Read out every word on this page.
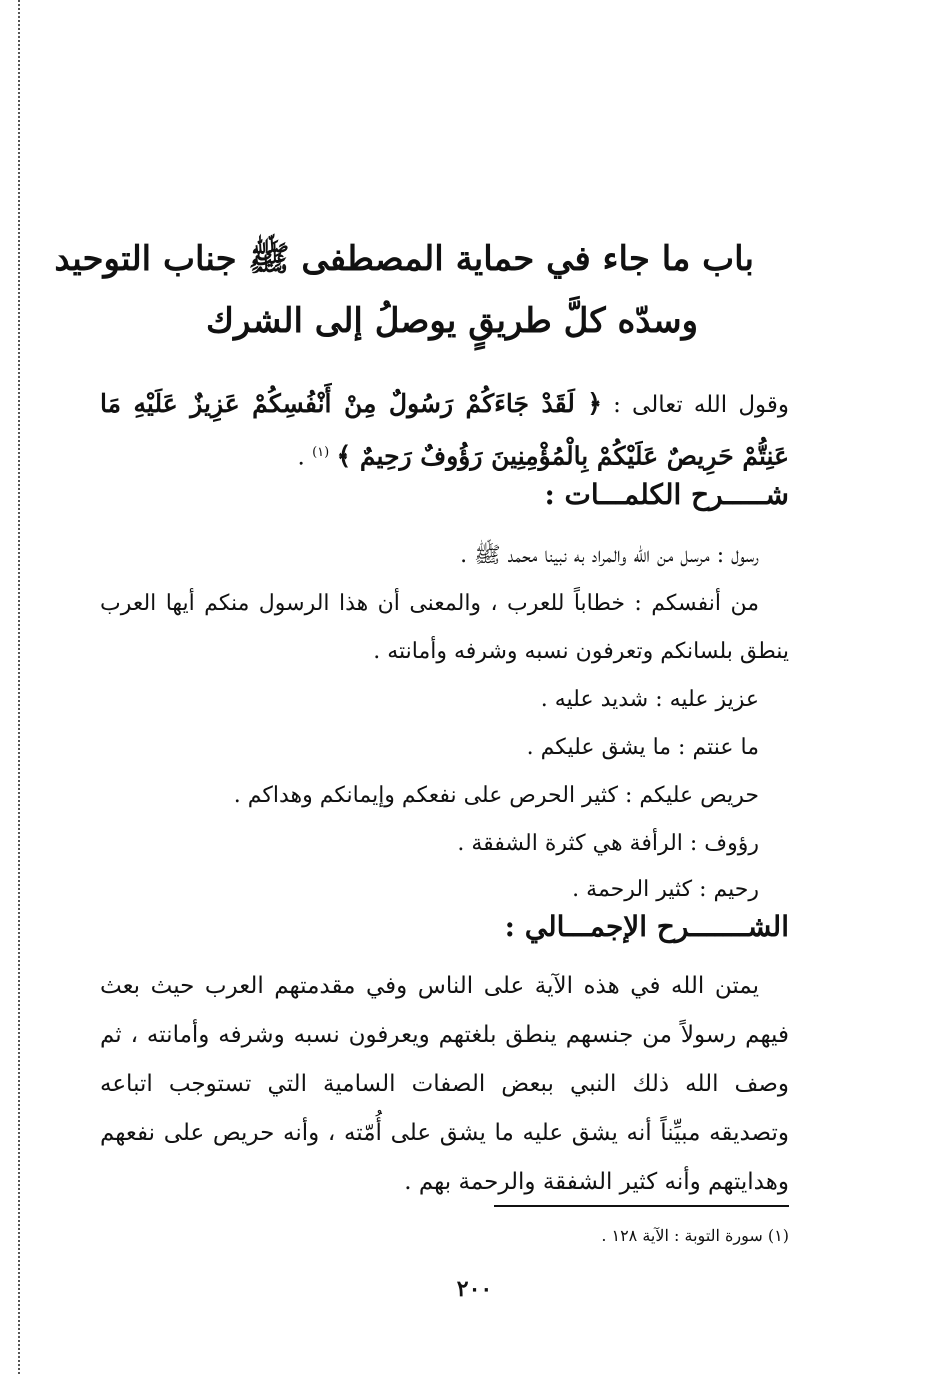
باب ما جاء في حماية المصطفى ﷺ جناب التوحيد
وسدّه كلَّ طريقٍ يوصلُ إلى الشرك
وقول الله تعالى : ﴿ لَقَدْ جَاءَكُمْ رَسُولٌ مِنْ أَنْفُسِكُمْ عَزِيزٌ عَلَيْهِ مَا عَنِتُّمْ حَرِيصٌ عَلَيْكُمْ بِالْمُؤْمِنِينَ رَؤُوفٌ رَحِيمٌ ﴾ $^{(١)}$ .
شـــــرح الكلمـــات :
رسول : مرسل من الله والمراد به نبينا محمد ﷺ .
من أنفسكم : خطاباً للعرب ، والمعنى أن هذا الرسول منكم أيها العرب ينطق بلسانكم وتعرفون نسبه وشرفه وأمانته .
عزيز عليه : شديد عليه .
ما عنتم : ما يشق عليكم .
حريص عليكم : كثير الحرص على نفعكم وإيمانكم وهداكم .
رؤوف : الرأفة هي كثرة الشفقة .
رحيم : كثير الرحمة .
الشـــــــرح الإجمـــالي :
يمتن الله في هذه الآية على الناس وفي مقدمتهم العرب حيث بعث فيهم رسولاً من جنسهم ينطق بلغتهم ويعرفون نسبه وشرفه وأمانته ، ثم وصف الله ذلك النبي ببعض الصفات السامية التي تستوجب اتباعه وتصديقه مبيِّناً أنه يشق عليه ما يشق على أُمّته ، وأنه حريص على نفعهم وهدايتهم وأنه كثير الشفقة والرحمة بهم .
(١) سورة التوبة : الآية ١٢٨ .
٢٠٠
